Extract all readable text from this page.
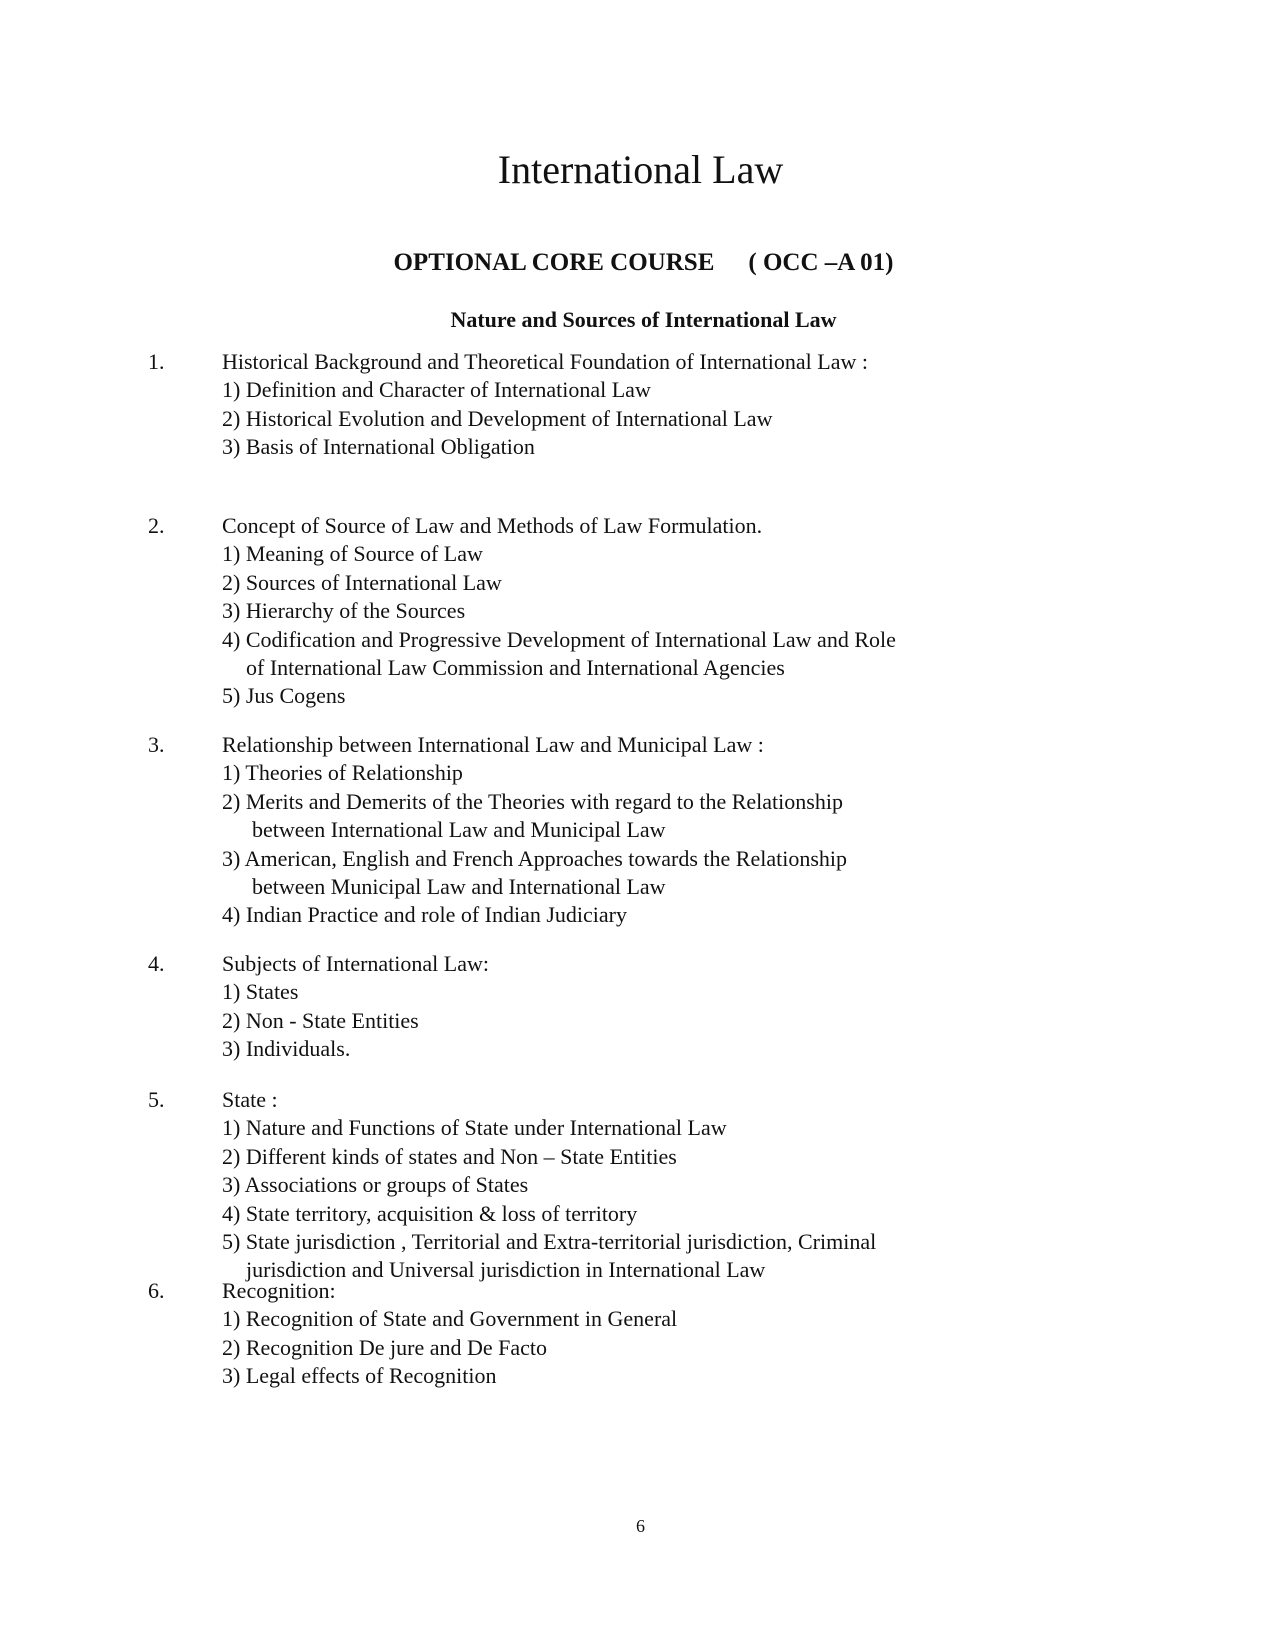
International Law
OPTIONAL CORE COURSE ( OCC –A 01)
Nature and Sources of International Law
1.	Historical Background and Theoretical Foundation of International Law :
1) Definition and Character of International Law
2) Historical Evolution and Development of International Law
3) Basis of International Obligation
2.	Concept of Source of Law and Methods of Law Formulation.
1) Meaning of Source of Law
2) Sources of International Law
3) Hierarchy of the Sources
4) Codification and Progressive Development of International Law and Role
of International Law Commission and International Agencies
5) Jus Cogens
3.	Relationship between International Law and Municipal Law :
1) Theories of Relationship
2) Merits and Demerits of the Theories with regard to the Relationship
between International Law and Municipal Law
3) American, English and French Approaches towards the Relationship
between Municipal Law and International Law
4) Indian Practice and role of Indian Judiciary
4.	Subjects of International Law:
1) States
2) Non - State Entities
3) Individuals.
5.	State :
1) Nature and Functions of State under International Law
2) Different kinds of states and Non – State Entities
3) Associations or groups of States
4) State territory, acquisition & loss of territory
5) State jurisdiction , Territorial and Extra-territorial jurisdiction, Criminal
jurisdiction and Universal jurisdiction in International Law
6.	Recognition:
1) Recognition of State and Government in General
2) Recognition De jure and De Facto
3) Legal effects of Recognition
6
